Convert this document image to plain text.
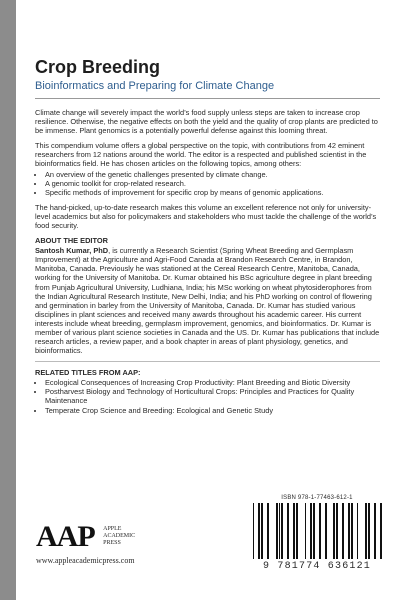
Crop Breeding
Bioinformatics and Preparing for Climate Change

Climate change will severely impact the world’s food supply unless steps are taken to increase crop resilience. Otherwise, the negative effects on both the yield and the quality of crop plants are predicted to be immense. Plant genomics is a potentially powerful defense against this looming threat.

This compendium volume offers a global perspective on the topic, with contributions from 42 eminent researchers from 12 nations around the world. The editor is a respected and published scientist in the bioinformatics field. He has chosen articles on the following topics, among others:

• An overview of the genetic challenges presented by climate change.
• A genomic toolkit for crop-related research.
• Specific methods of improvement for specific crop by means of genomic applications.

The hand-picked, up-to-date research makes this volume an excellent reference not only for university-level academics but also for policymakers and stakeholders who must tackle the challenge of the world’s food security.

ABOUT THE EDITOR

Santosh Kumar, PhD, is currently a Research Scientist (Spring Wheat Breeding and Germplasm Improvement) at the Agriculture and Agri-Food Canada at Brandon Research Centre, in Brandon, Manitoba, Canada. Previously he was stationed at the Cereal Research Centre, Manitoba, Canada, working for the University of Manitoba. Dr. Kumar obtained his BSc agriculture degree in plant breeding from Punjab Agricultural University, Ludhiana, India; his MSc working on wheat phytosiderophores from the Indian Agricultural Research Institute, New Delhi, India; and his PhD working on control of flowering and germination in barley from the University of Manitoba, Canada. Dr. Kumar has studied various disciplines in plant sciences and received many awards throughout his academic career. His current interests include wheat breeding, germplasm improvement, genomics, and bioinformatics. Dr. Kumar is member of various plant science societies in Canada and the US. Dr. Kumar has publications that include research articles, a review paper, and a book chapter in areas of plant physiology, genetics, and bioinformatics.

RELATED TITLES FROM AAP:
• Ecological Consequences of Increasing Crop Productivity: Plant Breeding and Biotic Diversity
• Postharvest Biology and Technology of Horticultural Crops: Principles and Practices for Quality Maintenance
• Temperate Crop Science and Breeding: Ecological and Genetic Study
AAP APPLE
ACADEMIC
PRESS
www.appleacademicpress.com
ISBN 978-1-77463-612-1
9 781774 636121
